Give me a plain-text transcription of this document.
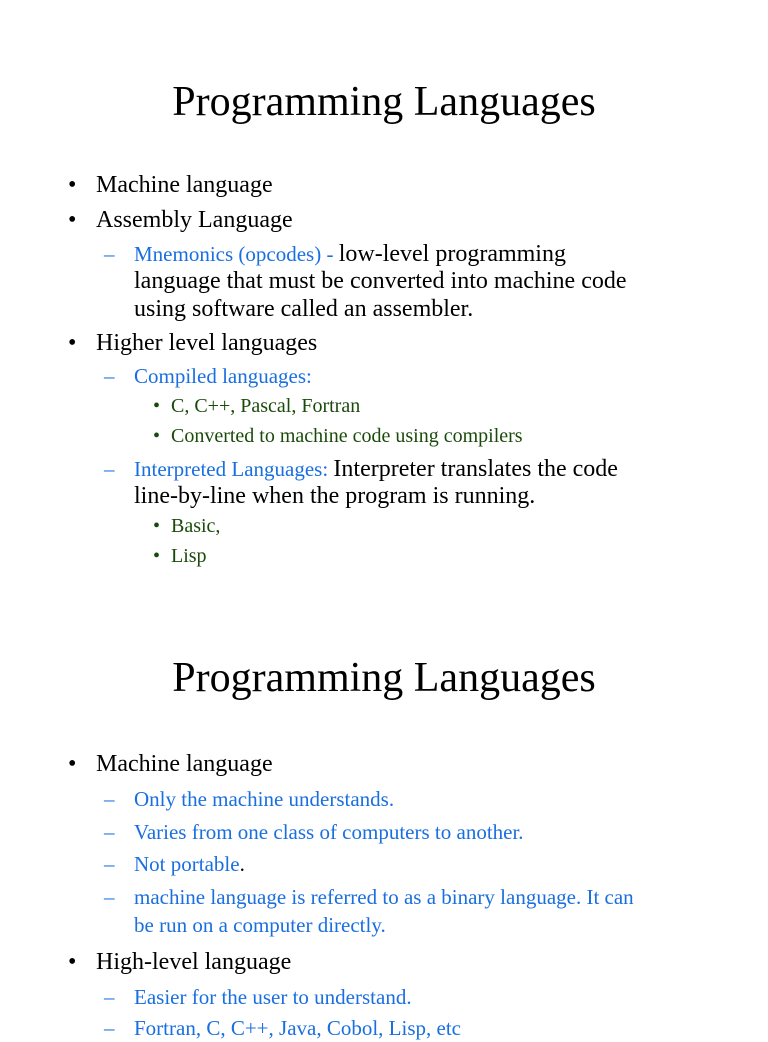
Programming Languages
• Machine language
• Assembly Language
– Mnemonics (opcodes) - low-level programming
language that must be converted into machine code
using software called an assembler.
• Higher level languages
– Compiled languages:
• C, C++, Pascal, Fortran
• Converted to machine code using compilers
– Interpreted Languages: Interpreter translates the code
line-by-line when the program is running.
• Basic,
• Lisp
Programming Languages
• Machine language
– Only the machine understands.
– Varies from one class of computers to another.
– Not portable.
– machine language is referred to as a binary language. It can
be run on a computer directly.
• High-level language
– Easier for the user to understand.
– Fortran, C, C++, Java, Cobol, Lisp, etc
